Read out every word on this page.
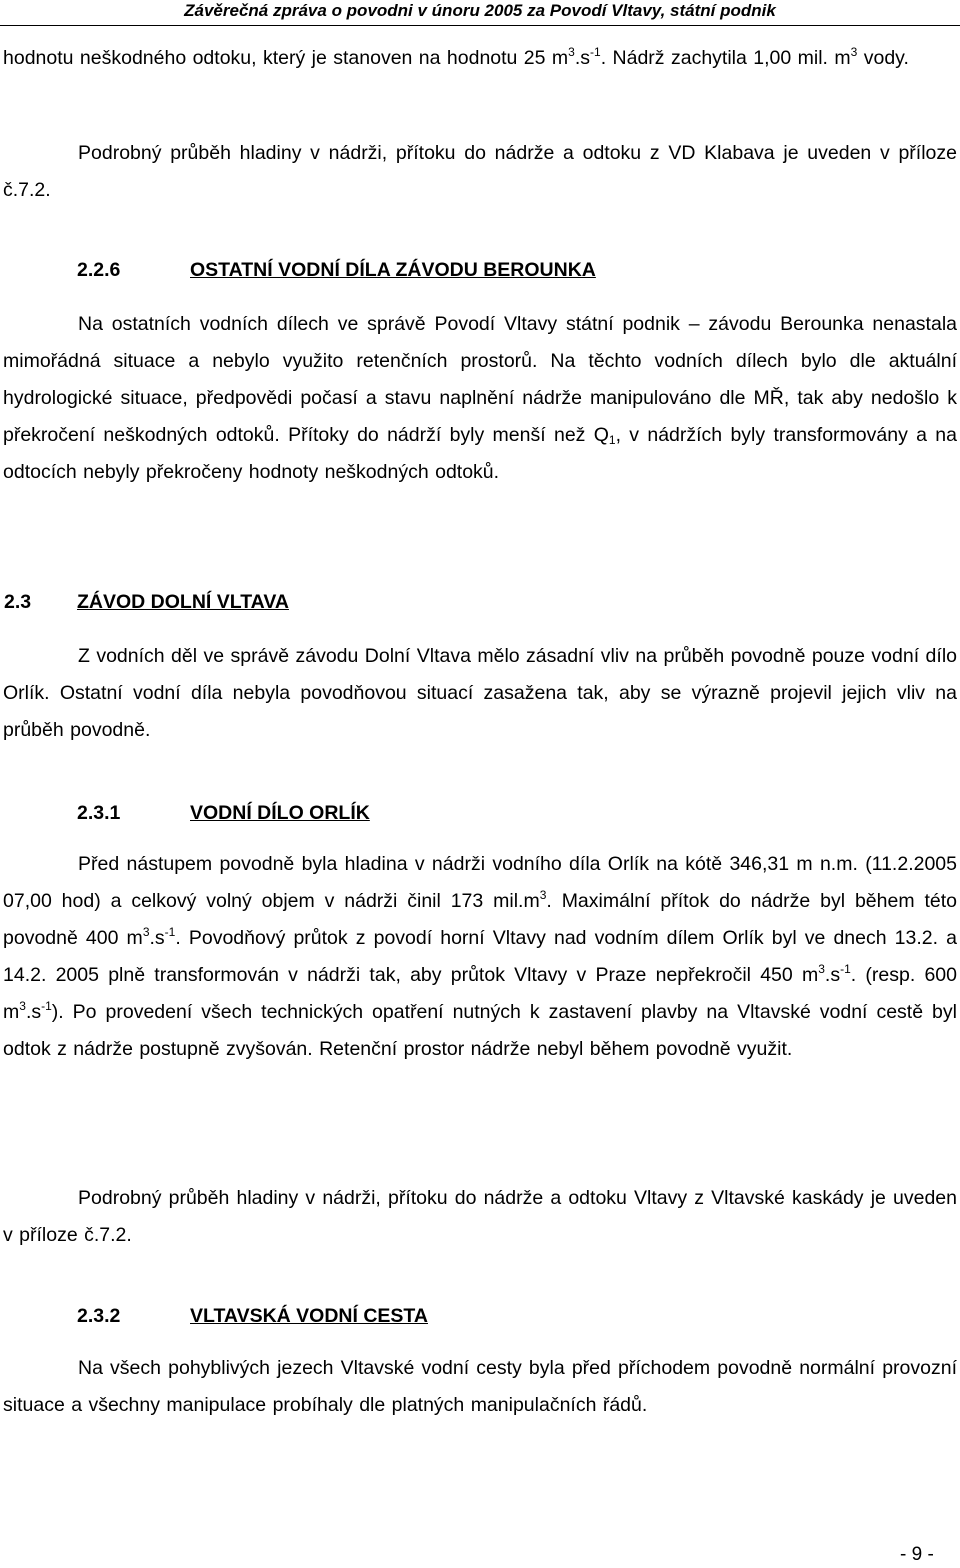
Závěrečná zpráva o povodni v únoru 2005 za Povodí Vltavy, státní podnik

hodnotu neškodného odtoku, který je stanoven na hodnotu 25 $m^3.s^{-1}$. Nádrž zachytila 1,00 mil. $m^3$ vody.

Podrobný průběh hladiny v nádrži, přítoku do nádrže a odtoku z VD Klabava je uveden v příloze č.7.2.

2.2.6	OSTATNÍ VODNÍ DÍLA ZÁVODU BEROUNKA

Na ostatních vodních dílech ve správě Povodí Vltavy státní podnik – závodu Berounka nenastala mimořádná situace a nebylo využito retenčních prostorů. Na těchto vodních dílech bylo dle aktuální hydrologické situace, předpovědi počasí a stavu naplnění nádrže manipulováno dle MŘ, tak aby nedošlo k překročení neškodných odtoků. Přítoky do nádrží byly menší než $Q_1$, v nádržích byly transformovány a na odtocích nebyly překročeny hodnoty neškodných odtoků.

2.3 ZÁVOD DOLNÍ VLTAVA

Z vodních děl ve správě závodu Dolní Vltava mělo zásadní vliv na průběh povodně pouze vodní dílo Orlík. Ostatní vodní díla nebyla povodňovou situací zasažena tak, aby se výrazně projevil jejich vliv na průběh povodně.

2.3.1	VODNÍ DÍLO ORLÍK

Před nástupem povodně byla hladina v nádrži vodního díla Orlík na kótě 346,31 m n.m. (11.2.2005 07,00 hod) a celkový volný objem v nádrži činil 173 $mil.m^3$. Maximální přítok do nádrže byl během této povodně 400 $m^3.s^{-1}$. Povodňový průtok z povodí horní Vltavy nad vodním dílem Orlík byl ve dnech 13.2. a 14.2. 2005 plně transformován v nádrži tak, aby průtok Vltavy v Praze nepřekročil 450 $m^3.s^{-1}$. (resp. 600 $m^3.s^{-1}$). Po provedení všech technických opatření nutných k zastavení plavby na Vltavské vodní cestě byl odtok z nádrže postupně zvyšován. Retenční prostor nádrže nebyl během povodně využit.

Podrobný průběh hladiny v nádrži, přítoku do nádrže a odtoku Vltavy z Vltavské kaskády je uveden v příloze č.7.2.

2.3.2	VLTAVSKÁ VODNÍ CESTA

Na všech pohyblivých jezech Vltavské vodní cesty byla před příchodem povodně normální provozní situace a všechny manipulace probíhaly dle platných manipulačních řádů.

- 9 -
